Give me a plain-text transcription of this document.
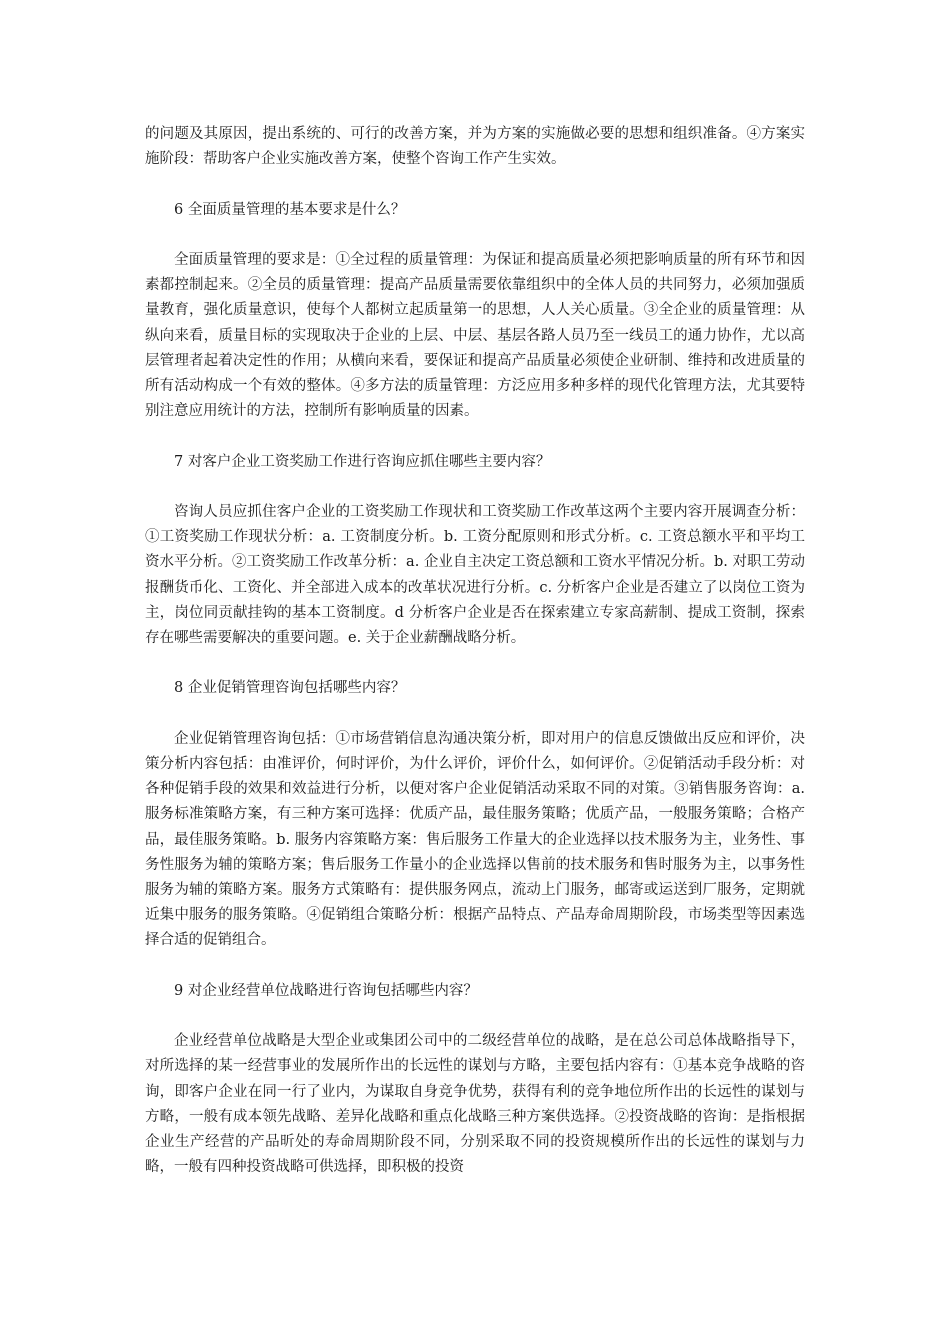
的问题及其原因，提出系统的、可行的改善方案，并为方案的实施做必要的思想和组织准备。④方案实施阶段：帮助客户企业实施改善方案，使整个咨询工作产生实效。

6 全面质量管理的基本要求是什么？

全面质量管理的要求是：①全过程的质量管理：为保证和提高质量必须把影响质量的所有环节和因素都控制起来。②全员的质量管理：提高产品质量需要依靠组织中的全体人员的共同努力，必须加强质量教育，强化质量意识，使每个人都树立起质量第一的思想，人人关心质量。③全企业的质量管理：从纵向来看，质量目标的实现取决于企业的上层、中层、基层各路人员乃至一线员工的通力协作，尤以高层管理者起着决定性的作用；从横向来看，要保证和提高产品质量必须使企业研制、维持和改进质量的所有活动构成一个有效的整体。④多方法的质量管理：方泛应用多种多样的现代化管理方法，尤其要特别注意应用统计的方法，控制所有影响质量的因素。

7 对客户企业工资奖励工作进行咨询应抓住哪些主要内容？

咨询人员应抓住客户企业的工资奖励工作现状和工资奖励工作改革这两个主要内容开展调查分析：①工资奖励工作现状分析：a. 工资制度分析。b. 工资分配原则和形式分析。c. 工资总额水平和平均工资水平分析。②工资奖励工作改革分析：a. 企业自主决定工资总额和工资水平情况分析。b. 对职工劳动报酬货币化、工资化、并全部进入成本的改革状况进行分析。c. 分析客户企业是否建立了以岗位工资为主，岗位同贡献挂钩的基本工资制度。d 分析客户企业是否在探索建立专家高薪制、提成工资制，探索存在哪些需要解决的重要问题。e. 关于企业薪酬战略分析。

8 企业促销管理咨询包括哪些内容？

企业促销管理咨询包括：①市场营销信息沟通决策分析，即对用户的信息反馈做出反应和评价，决策分析内容包括：由准评价，何时评价，为什么评价，评价什么，如何评价。②促销活动手段分析：对各种促销手段的效果和效益进行分析，以便对客户企业促销活动采取不同的对策。③销售服务咨询：a. 服务标准策略方案，有三种方案可选择：优质产品，最佳服务策略；优质产品，一般服务策略；合格产品，最佳服务策略。b. 服务内容策略方案：售后服务工作量大的企业选择以技术服务为主，业务性、事务性服务为辅的策略方案；售后服务工作量小的企业选择以售前的技术服务和售时服务为主，以事务性服务为辅的策略方案。服务方式策略有：提供服务网点，流动上门服务，邮寄或运送到厂服务，定期就近集中服务的服务策略。④促销组合策略分析：根据产品特点、产品寿命周期阶段，市场类型等因素选择合适的促销组合。

9 对企业经营单位战略进行咨询包括哪些内容？

企业经营单位战略是大型企业或集团公司中的二级经营单位的战略，是在总公司总体战略指导下，对所选择的某一经营事业的发展所作出的长远性的谋划与方略，主要包括内容有：①基本竞争战略的咨询，即客户企业在同一行了业内，为谋取自身竞争优势，获得有利的竞争地位所作出的长远性的谋划与方略，一般有成本领先战略、差异化战略和重点化战略三种方案供选择。②投资战略的咨询：是指根据企业生产经营的产品昕处的寿命周期阶段不同，分别采取不同的投资规模所作出的长远性的谋划与力略，一般有四种投资战略可供选择，即积极的投资
